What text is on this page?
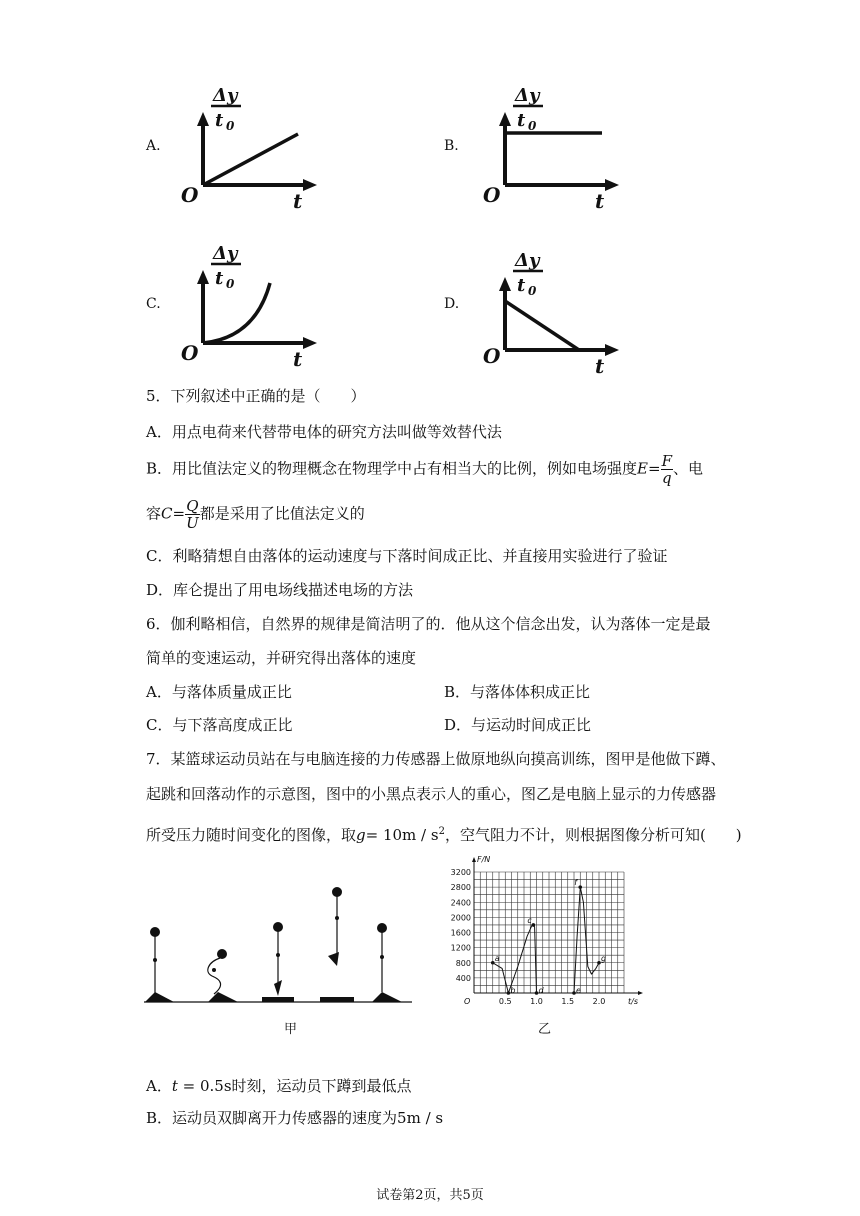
A.	B.
C.	D.
Δy
t 0
O	t
Δy
t 0
O	t
Δy
t 0
O	t
Δy
t 0
O	t
5．下列叙述中正确的是（　　）
A．用点电荷来代替带电体的研究方法叫做等效替代法
B．用比值法定义的物理概念在物理学中占有相当大的比例，例如电场强度$E= \frac{F}{q}$ 、电
容$C= \frac{Q}{U}$ 都是采用了比值法定义的
C．利略猜想自由落体的运动速度与下落时间成正比、并直接用实验进行了验证
D．库仑提出了用电场线描述电场的方法
6．伽利略相信，自然界的规律是简洁明了的．他从这个信念出发，认为落体一定是最
简单的变速运动，并研究得出落体的速度
A．与落体质量成正比	B．与落体体积成正比
C．与下落高度成正比	D．与运动时间成正比
7．某篮球运动员站在与电脑连接的力传感器上做原地纵向摸高训练，图甲是他做下蹲、
起跳和回落动作的示意图，图中的小黑点表示人的重心，图乙是电脑上显示的力传感器
所受压力随时间变化的图像，取$g= 10m / s^2$，空气阻力不计，则根据图像分析可知(　　)
甲
a
b
c
d	e
f
g
400
800
1200
1600
2000
2400
2800
3200
0.5 1.0 1.5 2.0
F/N
t/s
O
乙
A．t = 0.5s时刻，运动员下蹲到最低点
B．运动员双脚离开力传感器的速度为5m / s
试卷第2页，共5页
